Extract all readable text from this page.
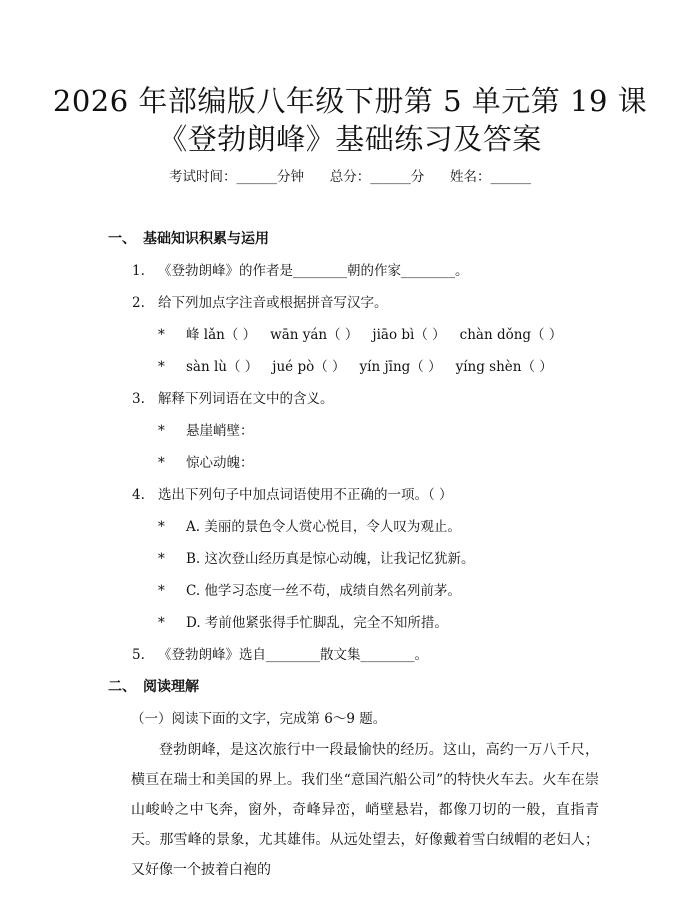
2026 年部编版八年级下册第 5 单元第 19 课
《登勃朗峰》基础练习及答案
考试时间：______分钟 总分：______分 姓名：______
一、 基础知识积累与运用
1. 《登勃朗峰》的作者是________朝的作家________。
2. 给下列加点字注音或根据拼音写汉字。
* 峰 lǎn（ ） wān yán（ ） jiāo bì（ ） chàn dǒng（ ）
* sàn lù（ ） jué pò（ ） yín jīng（ ） yíng shèn（ ）
3. 解释下列词语在文中的含义。
* 悬崖峭壁：
* 惊心动魄：
4. 选出下列句子中加点词语使用不正确的一项。（ ）
* A. 美丽的景色令人赏心悦目，令人叹为观止。
* B. 这次登山经历真是惊心动魄，让我记忆犹新。
* C. 他学习态度一丝不苟，成绩自然名列前茅。
* D. 考前他紧张得手忙脚乱，完全不知所措。
5. 《登勃朗峰》选自________散文集________。
二、 阅读理解
（一）阅读下面的文字，完成第 6～9 题。

登勃朗峰，是这次旅行中一段最愉快的经历。这山，高约一万八千尺，横亘在瑞士和美国的界上。我们坐“意国汽船公司”的特快火车去。火车在崇山峻岭之中飞奔，窗外，奇峰异峦，峭壁悬岩，都像刀切的一般，直指青天。那雪峰的景象，尤其雄伟。从远处望去，好像戴着雪白绒帽的老妇人；又好像一个披着白袍的
